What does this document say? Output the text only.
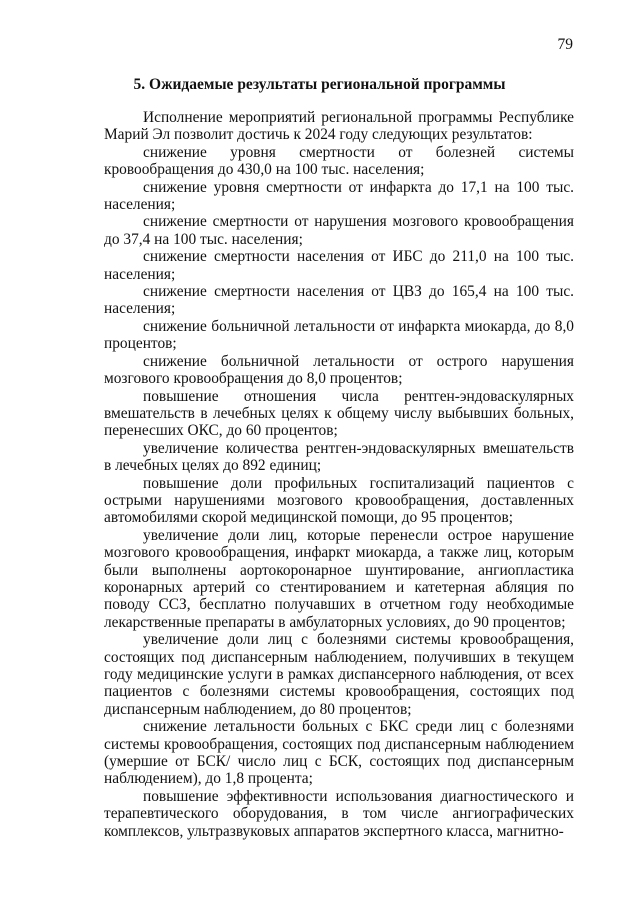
79
5. Ожидаемые результаты региональной программы

Исполнение мероприятий региональной программы Республике Марий Эл позволит достичь к 2024 году следующих результатов:

снижение уровня смертности от болезней системы кровообращения до 430,0 на 100 тыс. населения;

снижение уровня смертности от инфаркта до 17,1 на 100 тыс. населения;

снижение смертности от нарушения мозгового кровообращения до 37,4 на 100 тыс. населения;

снижение смертности населения от ИБС до 211,0 на 100 тыс. населения;

снижение смертности населения от ЦВЗ до 165,4 на 100 тыс. населения;

снижение больничной летальности от инфаркта миокарда, до 8,0 процентов;

снижение больничной летальности от острого нарушения мозгового кровообращения до 8,0 процентов;

повышение отношения числа рентген-эндоваскулярных вмешательств в лечебных целях к общему числу выбывших больных, перенесших ОКС, до 60 процентов;

увеличение количества рентген-эндоваскулярных вмешательств в лечебных целях до 892 единиц;

повышение доли профильных госпитализаций пациентов с острыми нарушениями мозгового кровообращения, доставленных автомобилями скорой медицинской помощи, до 95 процентов;

увеличение доли лиц, которые перенесли острое нарушение мозгового кровообращения, инфаркт миокарда, а также лиц, которым были выполнены аортокоронарное шунтирование, ангиопластика коронарных артерий со стентированием и катетерная абляция по поводу ССЗ, бесплатно получавших в отчетном году необходимые лекарственные препараты в амбулаторных условиях, до 90 процентов;

увеличение доли лиц с болезнями системы кровообращения, состоящих под диспансерным наблюдением, получивших в текущем году медицинские услуги в рамках диспансерного наблюдения, от всех пациентов с болезнями системы кровообращения, состоящих под диспансерным наблюдением, до 80 процентов;

снижение летальности больных с БКС среди лиц с болезнями системы кровообращения, состоящих под диспансерным наблюдением (умершие от БСК/ число лиц с БСК, состоящих под диспансерным наблюдением), до 1,8 процента;

повышение эффективности использования диагностического и терапевтического оборудования, в том числе ангиографических комплексов, ультразвуковых аппаратов экспертного класса, магнитно-
